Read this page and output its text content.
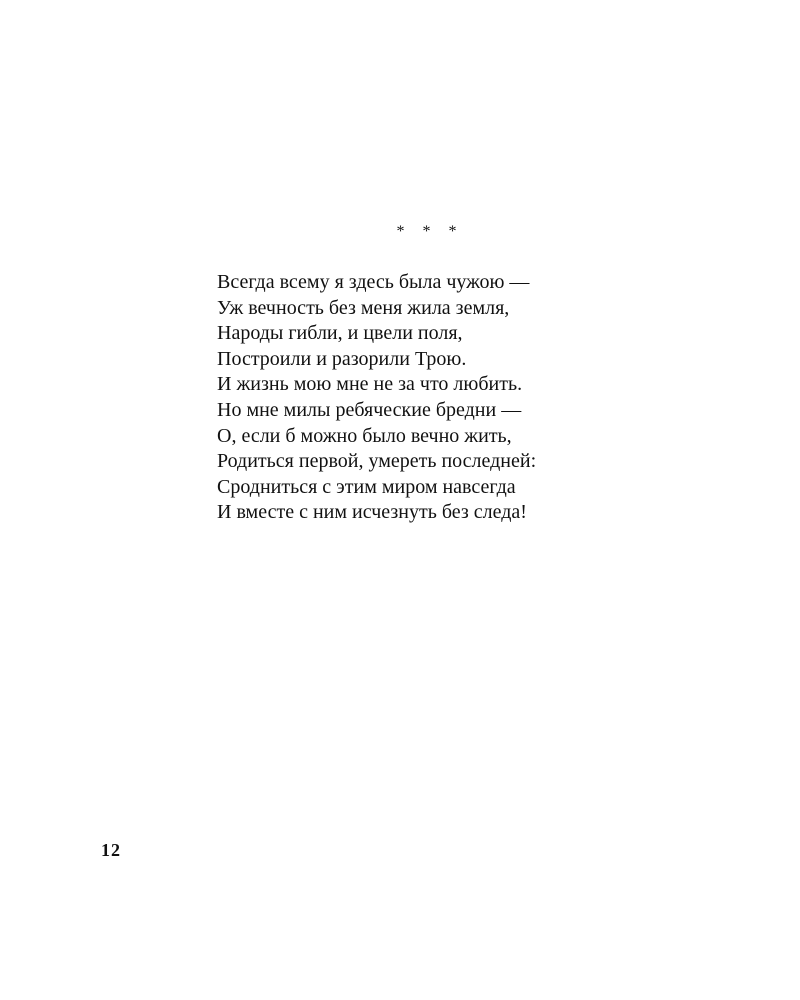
* * *
Всегда всему я здесь была чужою —
Уж вечность без меня жила земля,
Народы гибли, и цвели поля,
Построили и разорили Трою.
И жизнь мою мне не за что любить.
Но мне милы ребяческие бредни —
О, если б можно было вечно жить,
Родиться первой, умереть последней:
Сродниться с этим миром навсегда
И вместе с ним исчезнуть без следа!
12
